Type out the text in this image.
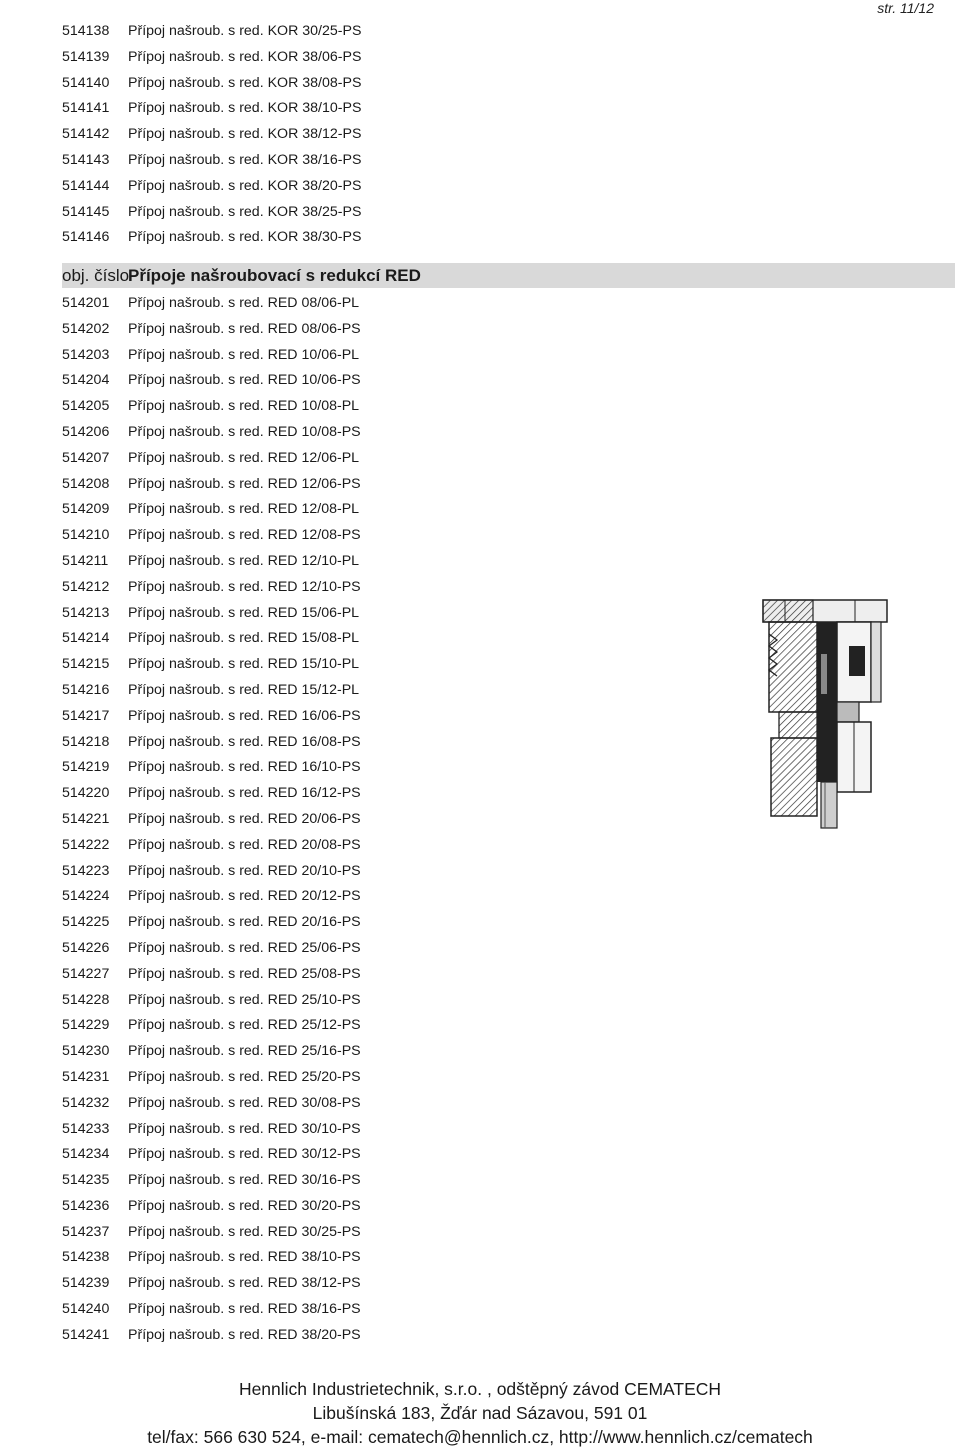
str. 11/12
514138 Přípoj našroub. s red. KOR 30/25-PS
514139 Přípoj našroub. s red. KOR 38/06-PS
514140 Přípoj našroub. s red. KOR 38/08-PS
514141 Přípoj našroub. s red. KOR 38/10-PS
514142 Přípoj našroub. s red. KOR 38/12-PS
514143 Přípoj našroub. s red. KOR 38/16-PS
514144 Přípoj našroub. s red. KOR 38/20-PS
514145 Přípoj našroub. s red. KOR 38/25-PS
514146 Přípoj našroub. s red. KOR 38/30-PS
obj. číslo
Přípoje našroubovací s redukcí RED
514201 Přípoj našroub. s red. RED 08/06-PL
514202 Přípoj našroub. s red. RED 08/06-PS
514203 Přípoj našroub. s red. RED 10/06-PL
514204 Přípoj našroub. s red. RED 10/06-PS
514205 Přípoj našroub. s red. RED 10/08-PL
514206 Přípoj našroub. s red. RED 10/08-PS
514207 Přípoj našroub. s red. RED 12/06-PL
514208 Přípoj našroub. s red. RED 12/06-PS
514209 Přípoj našroub. s red. RED 12/08-PL
514210 Přípoj našroub. s red. RED 12/08-PS
514211 Přípoj našroub. s red. RED 12/10-PL
514212 Přípoj našroub. s red. RED 12/10-PS
514213 Přípoj našroub. s red. RED 15/06-PL
514214 Přípoj našroub. s red. RED 15/08-PL
514215 Přípoj našroub. s red. RED 15/10-PL
514216 Přípoj našroub. s red. RED 15/12-PL
514217 Přípoj našroub. s red. RED 16/06-PS
514218 Přípoj našroub. s red. RED 16/08-PS
514219 Přípoj našroub. s red. RED 16/10-PS
514220 Přípoj našroub. s red. RED 16/12-PS
514221 Přípoj našroub. s red. RED 20/06-PS
514222 Přípoj našroub. s red. RED 20/08-PS
514223 Přípoj našroub. s red. RED 20/10-PS
514224 Přípoj našroub. s red. RED 20/12-PS
514225 Přípoj našroub. s red. RED 20/16-PS
514226 Přípoj našroub. s red. RED 25/06-PS
514227 Přípoj našroub. s red. RED 25/08-PS
514228 Přípoj našroub. s red. RED 25/10-PS
514229 Přípoj našroub. s red. RED 25/12-PS
514230 Přípoj našroub. s red. RED 25/16-PS
514231 Přípoj našroub. s red. RED 25/20-PS
514232 Přípoj našroub. s red. RED 30/08-PS
514233 Přípoj našroub. s red. RED 30/10-PS
514234 Přípoj našroub. s red. RED 30/12-PS
514235 Přípoj našroub. s red. RED 30/16-PS
514236 Přípoj našroub. s red. RED 30/20-PS
514237 Přípoj našroub. s red. RED 30/25-PS
514238 Přípoj našroub. s red. RED 38/10-PS
514239 Přípoj našroub. s red. RED 38/12-PS
514240 Přípoj našroub. s red. RED 38/16-PS
514241 Přípoj našroub. s red. RED 38/20-PS
Hennlich Industrietechnik, s.r.o. , odštěpný závod CEMATECH
Libušínská 183, Žďár nad Sázavou, 591 01
tel/fax: 566 630 524, e-mail: cematech@hennlich.cz, http://www.hennlich.cz/cematech
